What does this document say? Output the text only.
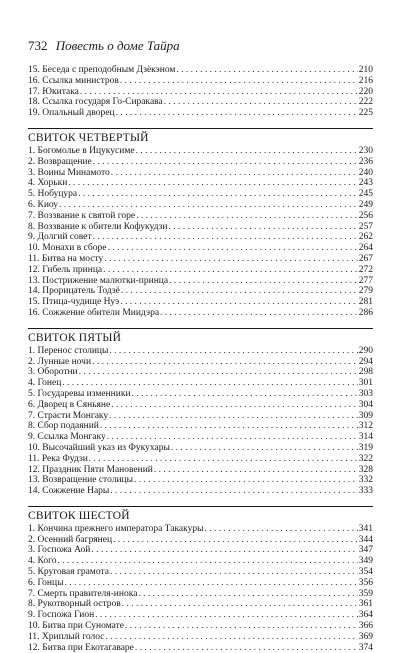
732 Повесть о доме Тайра
15. Беседа с преподобным Дзёкэном . . .	210
16. Ссылка министров . . .	216
17. Юкитака . . .	220
18. Ссылка государя Го-Сиракава . . .	222
19. Опальный дворец . . .	225
СВИТОК ЧЕТВЕРТЫЙ
1. Богомолье в Ицукусиме . . .	230
2. Возвращение . . .	236
3. Воины Минамото . . .	240
4. Хорьки . . .	243
5. Нобуцура . . .	245
6. Киоу . . .	249
7. Воззвание к святой горе . . .	256
8. Воззвание к обители Кофукудзи . . .	257
9. Долгий совет . . .	262
10. Монахи в сборе . . .	264
11. Битва на мосту . . .	267
12. Гибель принца . . .	272
13. Пострижение малютки-принца . . .	277
14. Прорицатель Тодзё . . .	279
15. Птица-чудище Нуэ . . .	281
16. Сожжение обители Миидэра . . .	286
СВИТОК ПЯТЫЙ
1. Перенос столицы . . .	290
2. Лунные ночи . . .	294
3. Оборотни . . .	298
4. Гонец . . .	301
5. Государевы изменники . . .	303
6. Дворец в Сяньяне . . .	304
7. Страсти Монгаку . . .	309
8. Сбор подаяний . . .	312
9. Ссылка Монгаку . . .	314
10. Высочайший указ из Фукухары . . .	319
11. Река Фудзи . . .	322
12. Праздник Пяти Мановений . . .	328
13. Возвращение столицы . . .	332
14. Сожжение Нары . . .	333
СВИТОК ШЕСТОЙ
1. Кончина прежнего императора Такакуры . . .	341
2. Осенний багрянец . . .	344
3. Госпожа Аой . . .	347
4. Кого . . .	349
5. Круговая грамота . . .	354
6. Гонцы . . .	356
7. Смерть правителя-инока . . .	359
8. Рукотворный остров . . .	361
9. Госпожа Гион . . .	364
10. Битва при Суномате . . .	366
11. Хриплый голос . . .	369
12. Битва при Екотагаваре . . .	374
